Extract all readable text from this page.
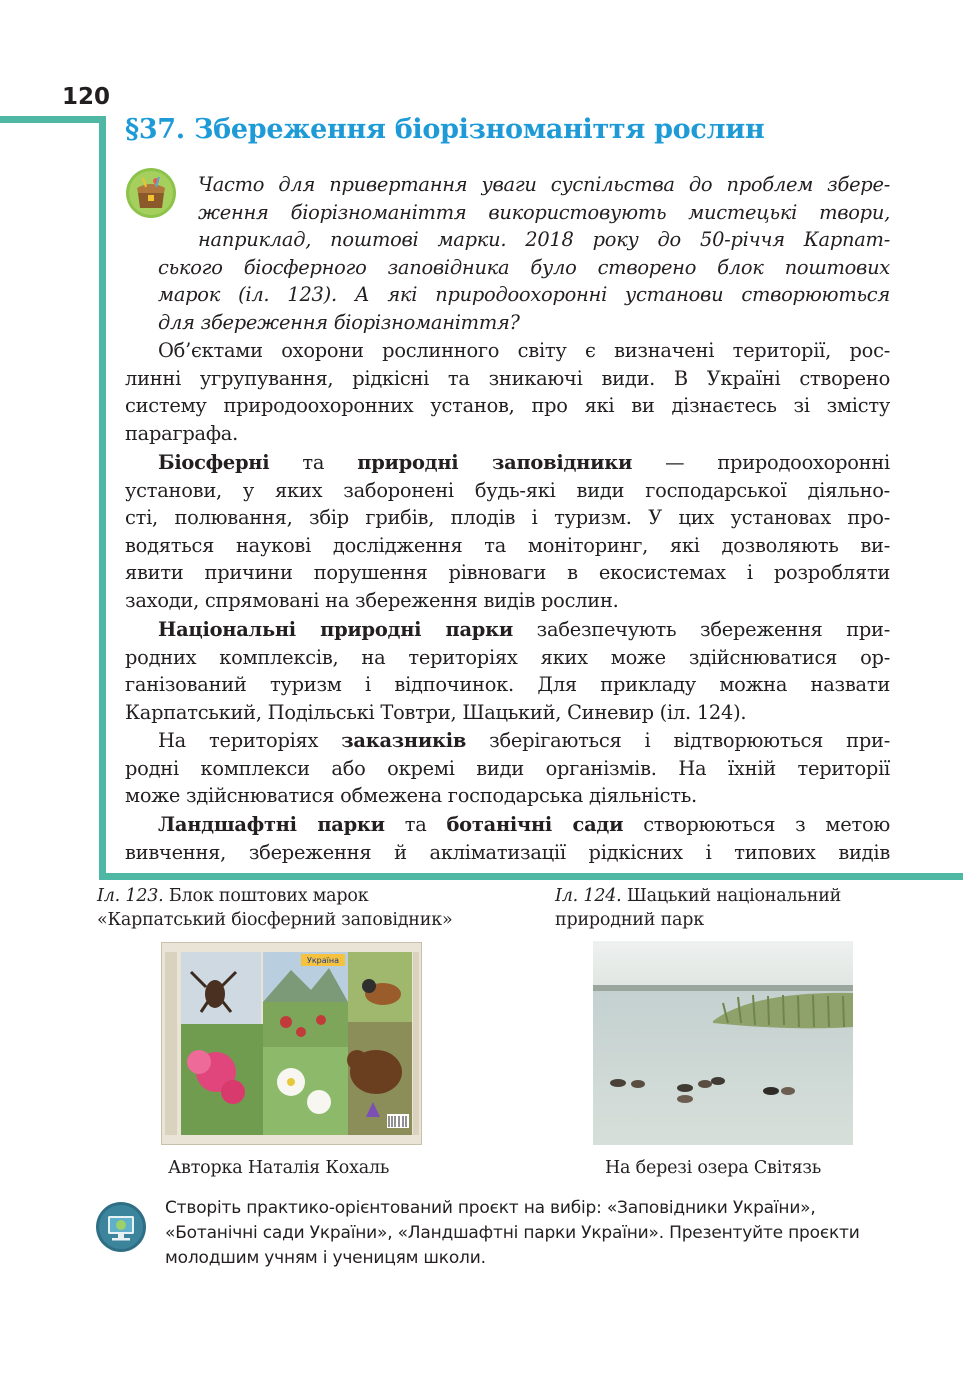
120
§37. Збереження біорізноманіття рослин
Часто для привертання уваги суспільства до проблем збере-
ження біорізноманіття використовують мистецькі твори,
наприклад, поштові марки. 2018 року до 50-річчя Карпат-
ського біосферного заповідника було створено блок поштових
марок (іл. 123). А які природоохоронні установи створюються
для збереження біорізноманіття?
Об’єктами охорони рослинного світу є визначені території, рос-
линні угрупування, рідкісні та зникаючі види. В Україні створено
систему природоохоронних установ, про які ви дізнаєтесь зі змісту
параграфа.
Біосферні та природні заповідники — природоохоронні
установи, у яких заборонені будь-які види господарської діяльно-
сті, полювання, збір грибів, плодів і туризм. У цих установах про-
водяться наукові дослідження та моніторинг, які дозволяють ви-
явити причини порушення рівноваги в екосистемах і розробляти
заходи, спрямовані на збереження видів рослин.
Національні природні парки забезпечують збереження при-
родних комплексів, на територіях яких може здійснюватися ор-
ганізований туризм і відпочинок. Для прикладу можна назвати
Карпатський, Подільські Товтри, Шацький, Синевир (іл. 124).
На територіях заказників зберігаються і відтворюються при-
родні комплекси або окремі види організмів. На їхній території
може здійснюватися обмежена господарська діяльність.
Ландшафтні парки та ботанічні сади створюються з метою
вивчення, збереження й акліматизації рідкісних і типових видів
Іл. 123. Блок поштових марок
«Карпатський біосферний заповідник»
Іл. 124. Шацький національний
природний парк
Україна
Авторка Наталія Кохаль	На березі озера Світязь
Створіть практико-орієнтований проєкт на вибір: «Заповідники України», «Ботанічні сади України», «Ландшафтні парки України». Презентуйте проєкти молодшим учням і ученицям школи.
